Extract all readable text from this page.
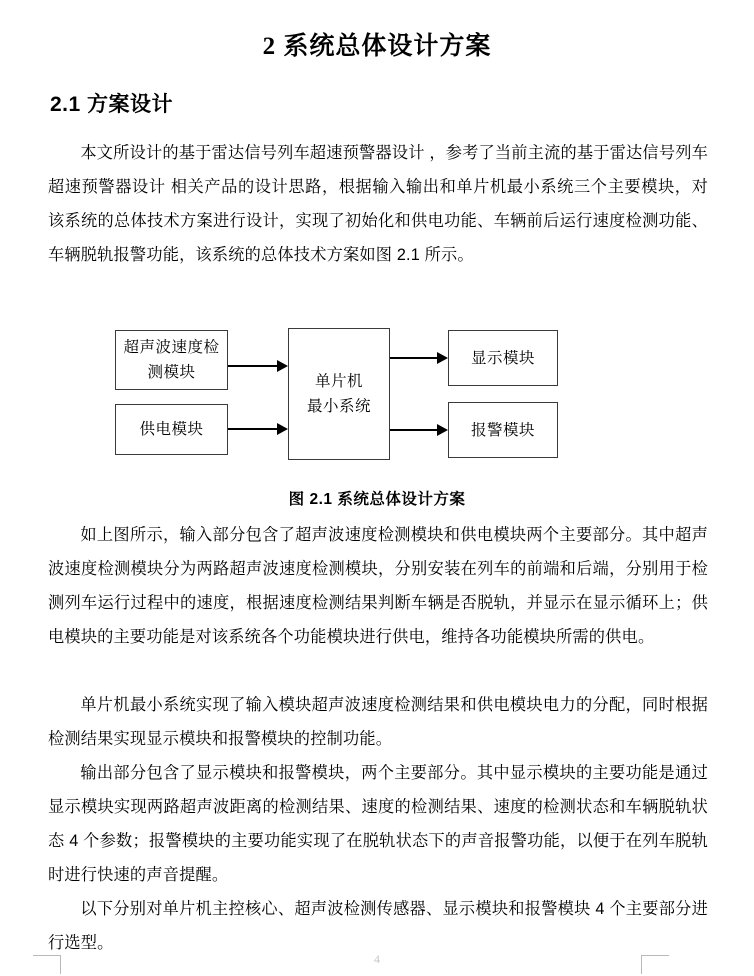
2 系统总体设计方案
2.1 方案设计
本文所设计的基于雷达信号列车超速预警器设计 ，参考了当前主流的基于雷达信号列车超速预警器设计 相关产品的设计思路，根据输入输出和单片机最小系统三个主要模块，对该系统的总体技术方案进行设计，实现了初始化和供电功能、车辆前后运行速度检测功能、车辆脱轨报警功能，该系统的总体技术方案如图 2.1 所示。
超声波速度检测模块
供电模块
单片机
最小系统
显示模块
报警模块
图 2.1 系统总体设计方案
如上图所示，输入部分包含了超声波速度检测模块和供电模块两个主要部分。其中超声波速度检测模块分为两路超声波速度检测模块，分别安装在列车的前端和后端，分别用于检测列车运行过程中的速度，根据速度检测结果判断车辆是否脱轨，并显示在显示循环上；供电模块的主要功能是对该系统各个功能模块进行供电，维持各功能模块所需的供电。
单片机最小系统实现了输入模块超声波速度检测结果和供电模块电力的分配，同时根据检测结果实现显示模块和报警模块的控制功能。
输出部分包含了显示模块和报警模块，两个主要部分。其中显示模块的主要功能是通过显示模块实现两路超声波距离的检测结果、速度的检测结果、速度的检测状态和车辆脱轨状态 4 个参数；报警模块的主要功能实现了在脱轨状态下的声音报警功能，以便于在列车脱轨时进行快速的声音提醒。
以下分别对单片机主控核心、超声波检测传感器、显示模块和报警模块 4 个主要部分进行选型。
4
